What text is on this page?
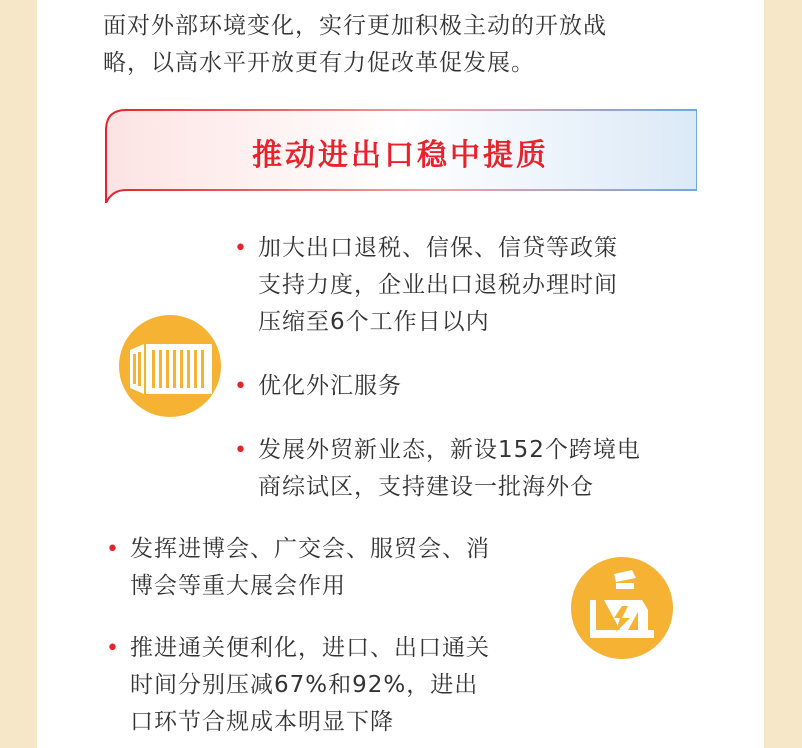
面对外部环境变化，实行更加积极主动的开放战
略，以高水平开放更有力促改革促发展。
推动进出口稳中提质
• 加大出口退税、信保、信贷等政策
支持力度，企业出口退税办理时间
压缩至6个工作日以内
• 优化外汇服务
• 发展外贸新业态，新设152个跨境电
商综试区，支持建设一批海外仓
• 发挥进博会、广交会、服贸会、消
博会等重大展会作用
• 推进通关便利化，进口、出口通关
时间分别压减67%和92%，进出
口环节合规成本明显下降
